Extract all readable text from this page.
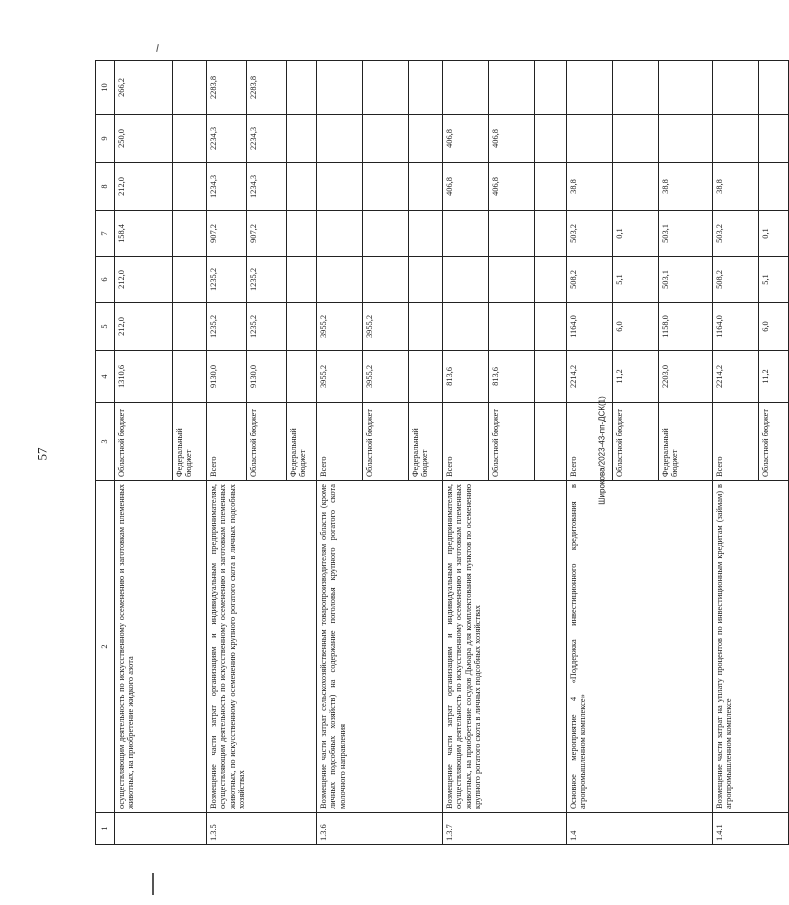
57
1	2	3	4	5	6	7	8	9	10
	осуществляющим деятельность по искусственному осеменению и заготовкам племенных животных, на приобретение жидкого азота	Областной бюджет	1310,6	212,0	212,0	158,4	212,0	250,0	266,2
		Федеральный бюджет							
1.3.5	Возмещение части затрат организациям и индивидуальным предпринимателям, осуществляющим деятельность по искусственному осеменению и заготовкам племенных животных, по искусственному осеменению крупного рогатого скота в личных подсобных хозяйствах	Всего	9130,0	1235,2	1235,2	907,2	1234,3	2234,3	2283,8
		Областной бюджет	9130,0	1235,2	1235,2	907,2	1234,3	2234,3	2283,8
		Федеральный бюджет							
1.3.6	Возмещение части затрат сельскохозяйственным товаропроизводителям области (кроме личных подсобных хозяйств) на содержание поголовья крупного рогатого скота молочного направления	Всего	3955,2	3955,2					
		Областной бюджет	3955,2	3955,2					
		Федеральный бюджет							
1.3.7	Возмещение части затрат организациям и индивидуальным предпринимателям, осуществляющим деятельность по искусственному осеменению и заготовкам племенных животных, на приобретение сосудов Дьюара для комплектования пунктов по осеменению крупного рогатого скота в личных подсобных хозяйствах	Всего	813,6				406,8	406,8	
		Областной бюджет	813,6				406,8	406,8	

1.4	Основное мероприятие 4 «Поддержка инвестиционного кредитования в агропромышленном комплексе»	Всего	2214,2	1164,0	508,2	503,2	38,8		
		Областной бюджет	11,2	6,0	5,1	0,1			
		Федеральный бюджет	2203,0	1158,0	503,1	503,1	38,8		
1.4.1	Возмещение части затрат на уплату процентов по инвестиционным кредитам (займам) в агропромышленном комплексе	Всего	2214,2	1164,0	508,2	503,2	38,8		
		Областной бюджет	11,2	6,0	5,1	0,1			
Широкова/2023-43-пп-ДСК(1)
